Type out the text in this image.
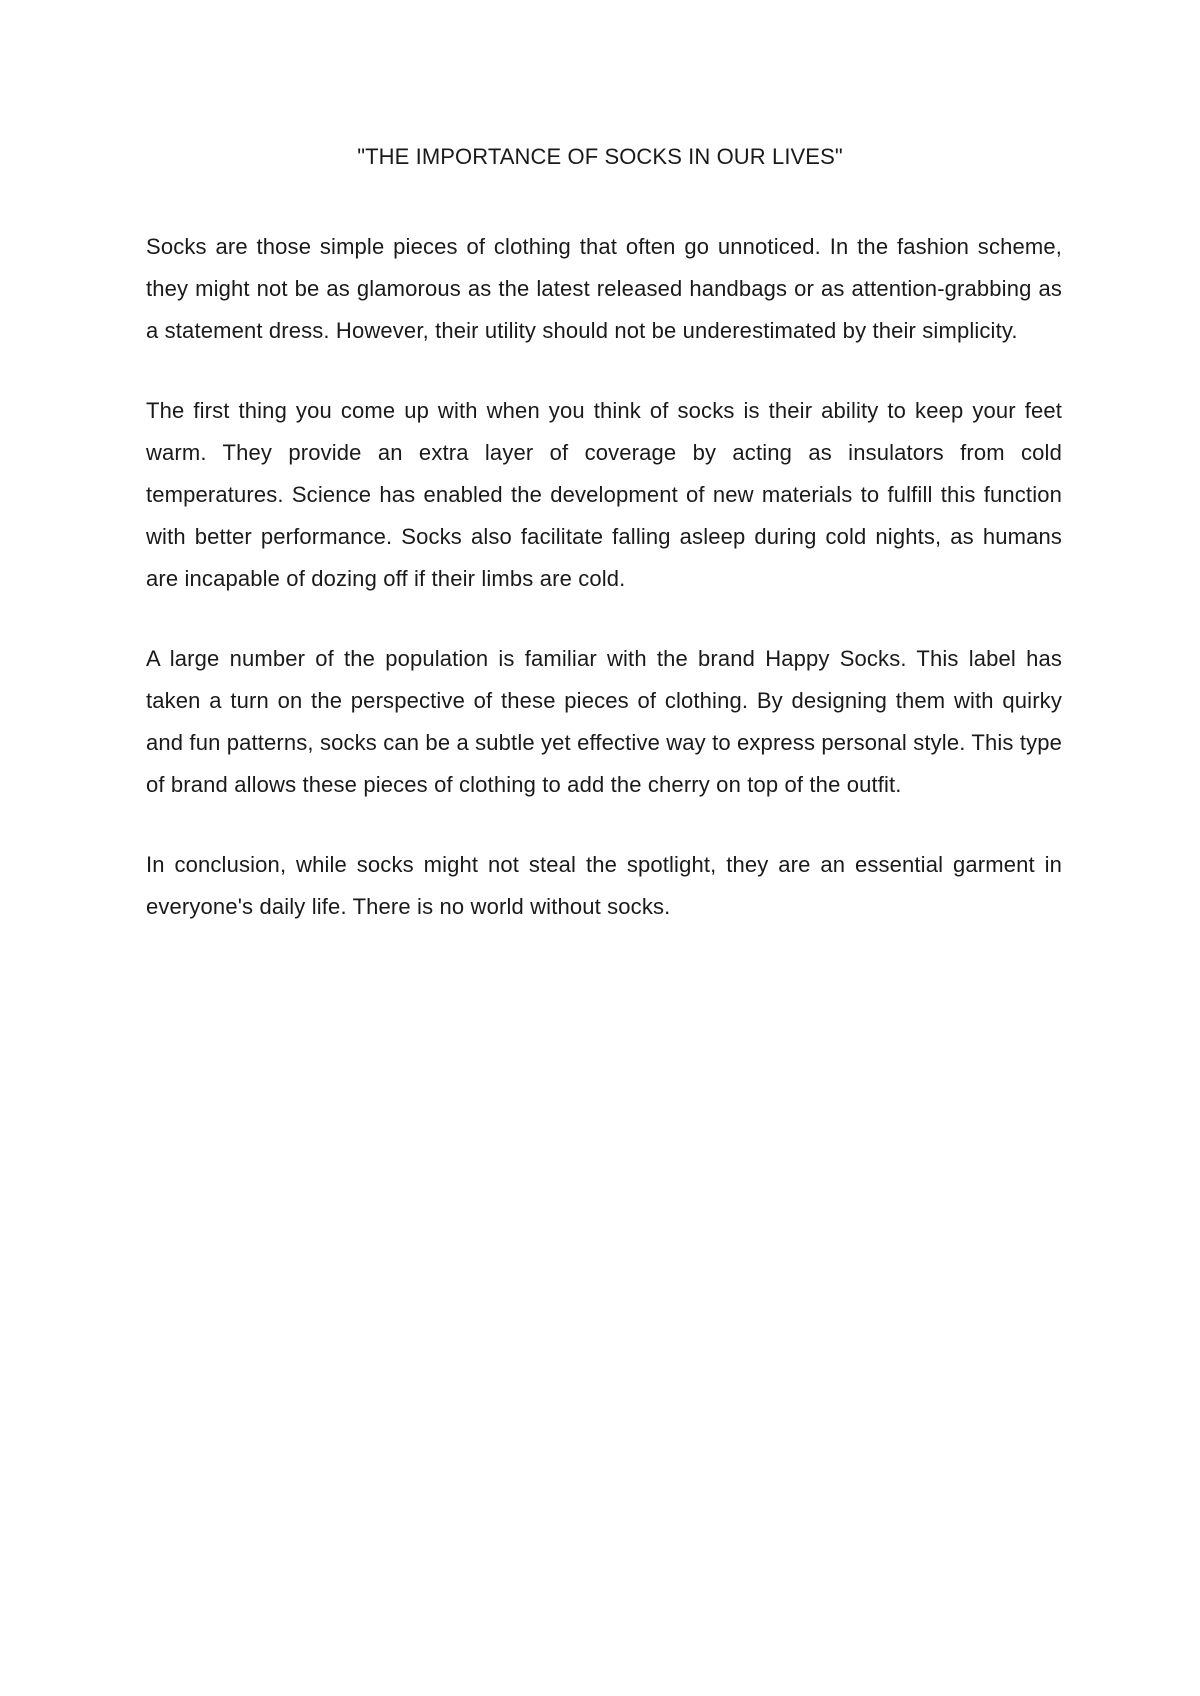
"THE IMPORTANCE OF SOCKS IN OUR LIVES"

Socks are those simple pieces of clothing that often go unnoticed. In the fashion scheme, they might not be as glamorous as the latest released handbags or as attention-grabbing as a statement dress. However, their utility should not be underestimated by their simplicity.

The first thing you come up with when you think of socks is their ability to keep your feet warm. They provide an extra layer of coverage by acting as insulators from cold temperatures. Science has enabled the development of new materials to fulfill this function with better performance. Socks also facilitate falling asleep during cold nights, as humans are incapable of dozing off if their limbs are cold.

A large number of the population is familiar with the brand Happy Socks. This label has taken a turn on the perspective of these pieces of clothing. By designing them with quirky and fun patterns, socks can be a subtle yet effective way to express personal style. This type of brand allows these pieces of clothing to add the cherry on top of the outfit.

In conclusion, while socks might not steal the spotlight, they are an essential garment in everyone's daily life. There is no world without socks.
